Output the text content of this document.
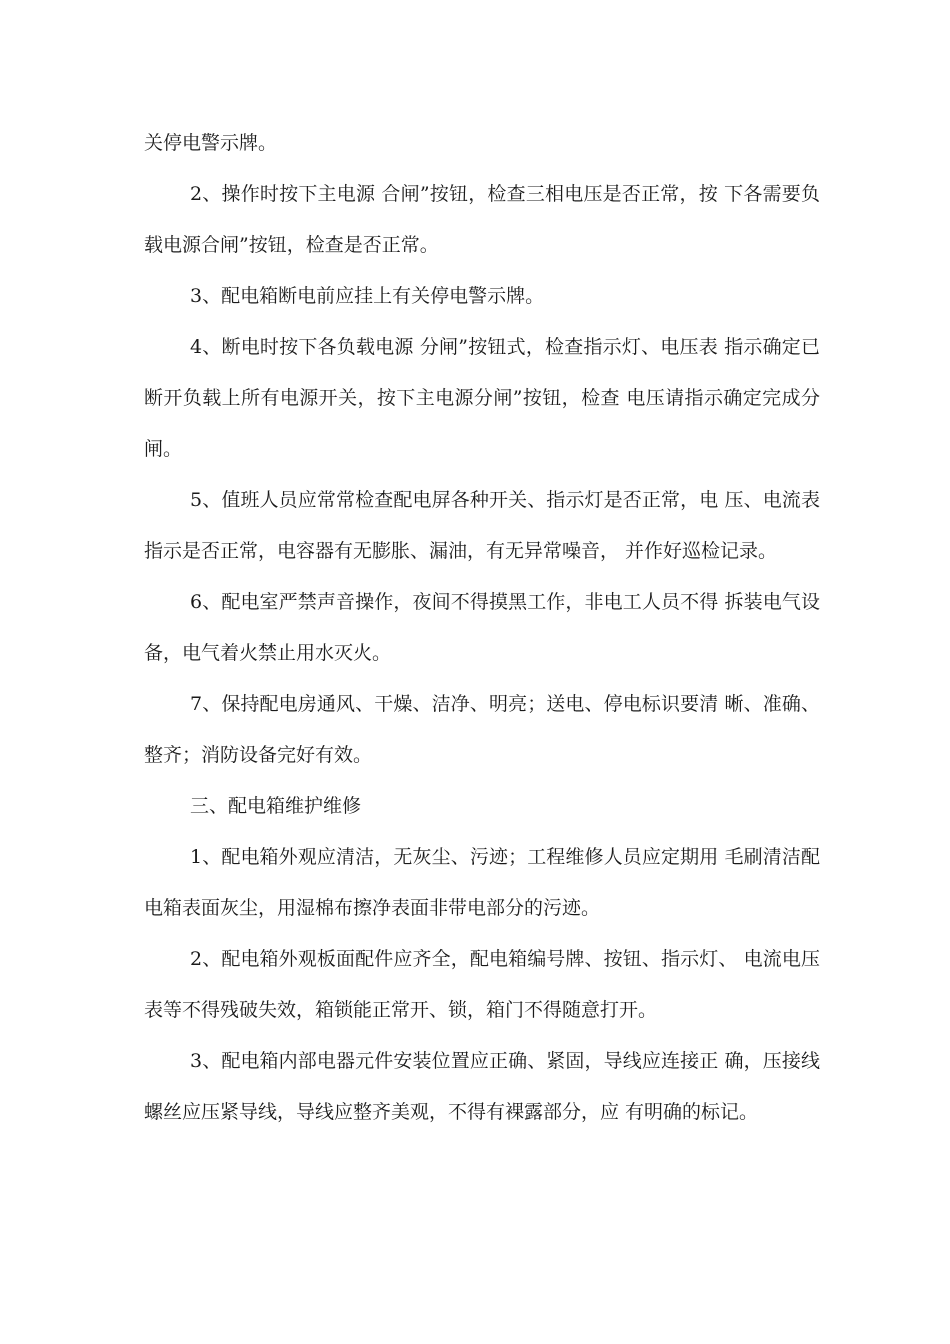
关停电警示牌。

2、操作时按下主电源 合闸”按钮，检查三相电压是否正常，按 下各需要负载电源合闸”按钮，检查是否正常。

3、配电箱断电前应挂上有关停电警示牌。

4、断电时按下各负载电源 分闸”按钮式，检查指示灯、电压表 指示确定已断开负载上所有电源开关，按下主电源分闸”按钮，检查 电压请指示确定完成分闸。

5、值班人员应常常检查配电屏各种开关、指示灯是否正常，电 压、电流表指示是否正常，电容器有无膨胀、漏油，有无异常噪音， 并作好巡检记录。

6、配电室严禁声音操作，夜间不得摸黑工作，非电工人员不得 拆装电气设备，电气着火禁止用水灭火。

7、保持配电房通风、干燥、洁净、明亮；送电、停电标识要清 晰、准确、整齐；消防设备完好有效。

三、配电箱维护维修

1、配电箱外观应清洁，无灰尘、污迹；工程维修人员应定期用 毛刷清洁配电箱表面灰尘，用湿棉布擦净表面非带电部分的污迹。

2、配电箱外观板面配件应齐全，配电箱编号牌、按钮、指示灯、 电流电压表等不得残破失效，箱锁能正常开、锁，箱门不得随意打开。

3、配电箱内部电器元件安装位置应正确、紧固，导线应连接正 确，压接线螺丝应压紧导线，导线应整齐美观，不得有裸露部分，应 有明确的标记。
